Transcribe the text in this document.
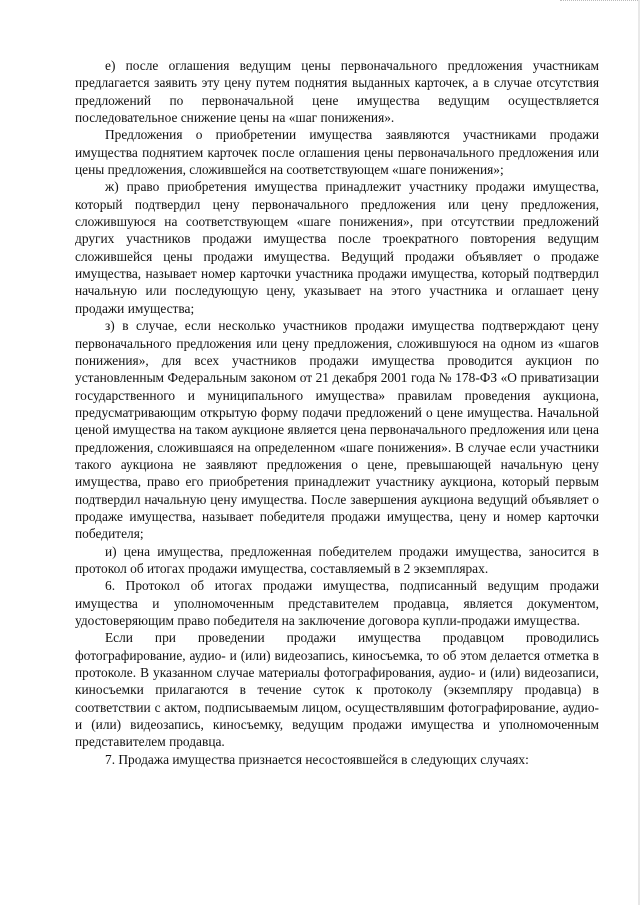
е) после оглашения ведущим цены первоначального предложения участникам предлагается заявить эту цену путем поднятия выданных карточек, а в случае отсутствия предложений по первоначальной цене имущества ведущим осуществляется последовательное снижение цены на «шаг понижения».

Предложения о приобретении имущества заявляются участниками продажи имущества поднятием карточек после оглашения цены первоначального предложения или цены предложения, сложившейся на соответствующем «шаге понижения»;

ж) право приобретения имущества принадлежит участнику продажи имущества, который подтвердил цену первоначального предложения или цену предложения, сложившуюся на соответствующем «шаге понижения», при отсутствии предложений других участников продажи имущества после троекратного повторения ведущим сложившейся цены продажи имущества. Ведущий продажи объявляет о продаже имущества, называет номер карточки участника продажи имущества, который подтвердил начальную или последующую цену, указывает на этого участника и оглашает цену продажи имущества;

з) в случае, если несколько участников продажи имущества подтверждают цену первоначального предложения или цену предложения, сложившуюся на одном из «шагов понижения», для всех участников продажи имущества проводится аукцион по установленным Федеральным законом от 21 декабря 2001 года № 178-ФЗ «О приватизации государственного и муниципального имущества» правилам проведения аукциона, предусматривающим открытую форму подачи предложений о цене имущества. Начальной ценой имущества на таком аукционе является цена первоначального предложения или цена предложения, сложившаяся на определенном «шаге понижения». В случае если участники такого аукциона не заявляют предложения о цене, превышающей начальную цену имущества, право его приобретения принадлежит участнику аукциона, который первым подтвердил начальную цену имущества. После завершения аукциона ведущий объявляет о продаже имущества, называет победителя продажи имущества, цену и номер карточки победителя;

и) цена имущества, предложенная победителем продажи имущества, заносится в протокол об итогах продажи имущества, составляемый в 2 экземплярах.

6. Протокол об итогах продажи имущества, подписанный ведущим продажи имущества и уполномоченным представителем продавца, является документом, удостоверяющим право победителя на заключение договора купли-продажи имущества.

Если при проведении продажи имущества продавцом проводились фотографирование, аудио- и (или) видеозапись, киносъемка, то об этом делается отметка в протоколе. В указанном случае материалы фотографирования, аудио- и (или) видеозаписи, киносъемки прилагаются в течение суток к протоколу (экземпляру продавца) в соответствии с актом, подписываемым лицом, осуществлявшим фотографирование, аудио- и (или) видеозапись, киносъемку, ведущим продажи имущества и уполномоченным представителем продавца.

7. Продажа имущества признается несостоявшейся в следующих случаях:
